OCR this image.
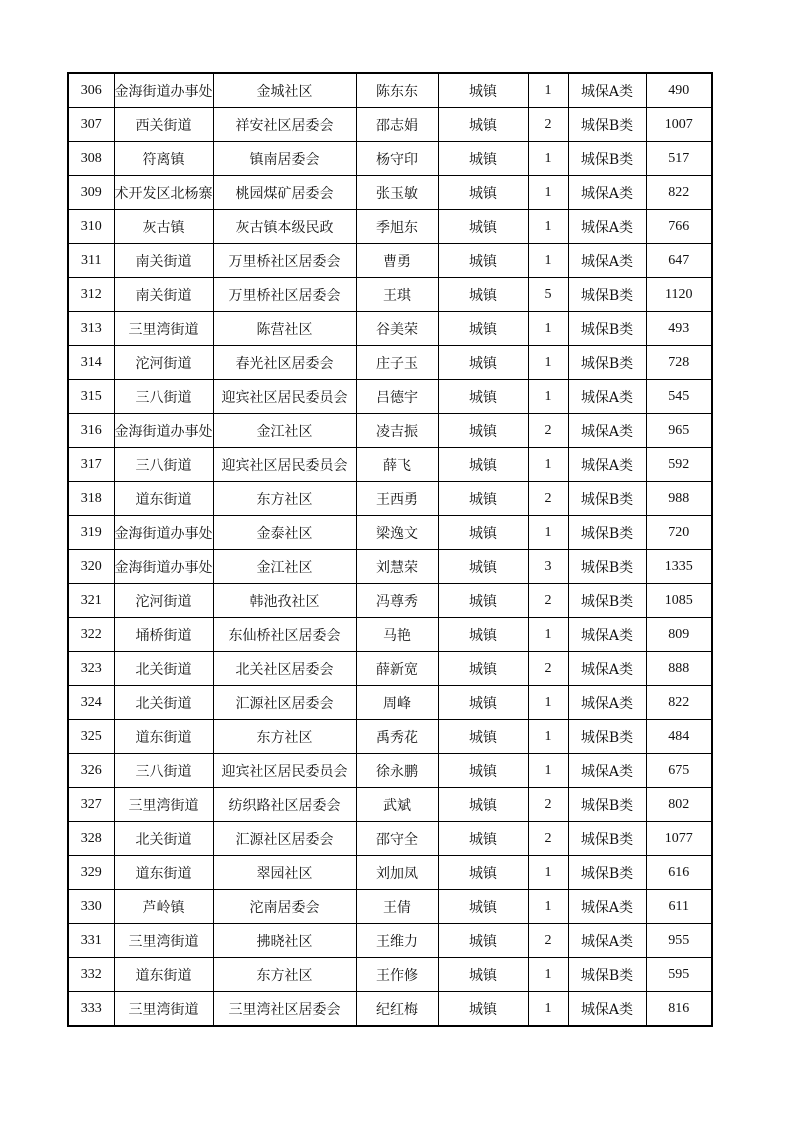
306	金海街道办事处	金城社区	陈东东	城镇	1	城保A类	490
307	西关街道	祥安社区居委会	邵志娟	城镇	2	城保B类	1007
308	符离镇	镇南居委会	杨守印	城镇	1	城保B类	517
309	术开发区北杨寨	桃园煤矿居委会	张玉敏	城镇	1	城保A类	822
310	灰古镇	灰古镇本级民政	季旭东	城镇	1	城保A类	766
311	南关街道	万里桥社区居委会	曹勇	城镇	1	城保A类	647
312	南关街道	万里桥社区居委会	王琪	城镇	5	城保B类	1120
313	三里湾街道	陈营社区	谷美荣	城镇	1	城保B类	493
314	沱河街道	春光社区居委会	庄子玉	城镇	1	城保B类	728
315	三八街道	迎宾社区居民委员会	吕德宇	城镇	1	城保A类	545
316	金海街道办事处	金江社区	凌吉振	城镇	2	城保A类	965
317	三八街道	迎宾社区居民委员会	薛飞	城镇	1	城保A类	592
318	道东街道	东方社区	王西勇	城镇	2	城保B类	988
319	金海街道办事处	金泰社区	梁逸文	城镇	1	城保B类	720
320	金海街道办事处	金江社区	刘慧荣	城镇	3	城保B类	1335
321	沱河街道	韩池孜社区	冯尊秀	城镇	2	城保B类	1085
322	埇桥街道	东仙桥社区居委会	马艳	城镇	1	城保A类	809
323	北关街道	北关社区居委会	薛新宽	城镇	2	城保A类	888
324	北关街道	汇源社区居委会	周峰	城镇	1	城保A类	822
325	道东街道	东方社区	禹秀花	城镇	1	城保B类	484
326	三八街道	迎宾社区居民委员会	徐永鹏	城镇	1	城保A类	675
327	三里湾街道	纺织路社区居委会	武斌	城镇	2	城保B类	802
328	北关街道	汇源社区居委会	邵守全	城镇	2	城保B类	1077
329	道东街道	翠园社区	刘加凤	城镇	1	城保B类	616
330	芦岭镇	沱南居委会	王倩	城镇	1	城保A类	611
331	三里湾街道	拂晓社区	王维力	城镇	2	城保A类	955
332	道东街道	东方社区	王作修	城镇	1	城保B类	595
333	三里湾街道	三里湾社区居委会	纪红梅	城镇	1	城保A类	816
